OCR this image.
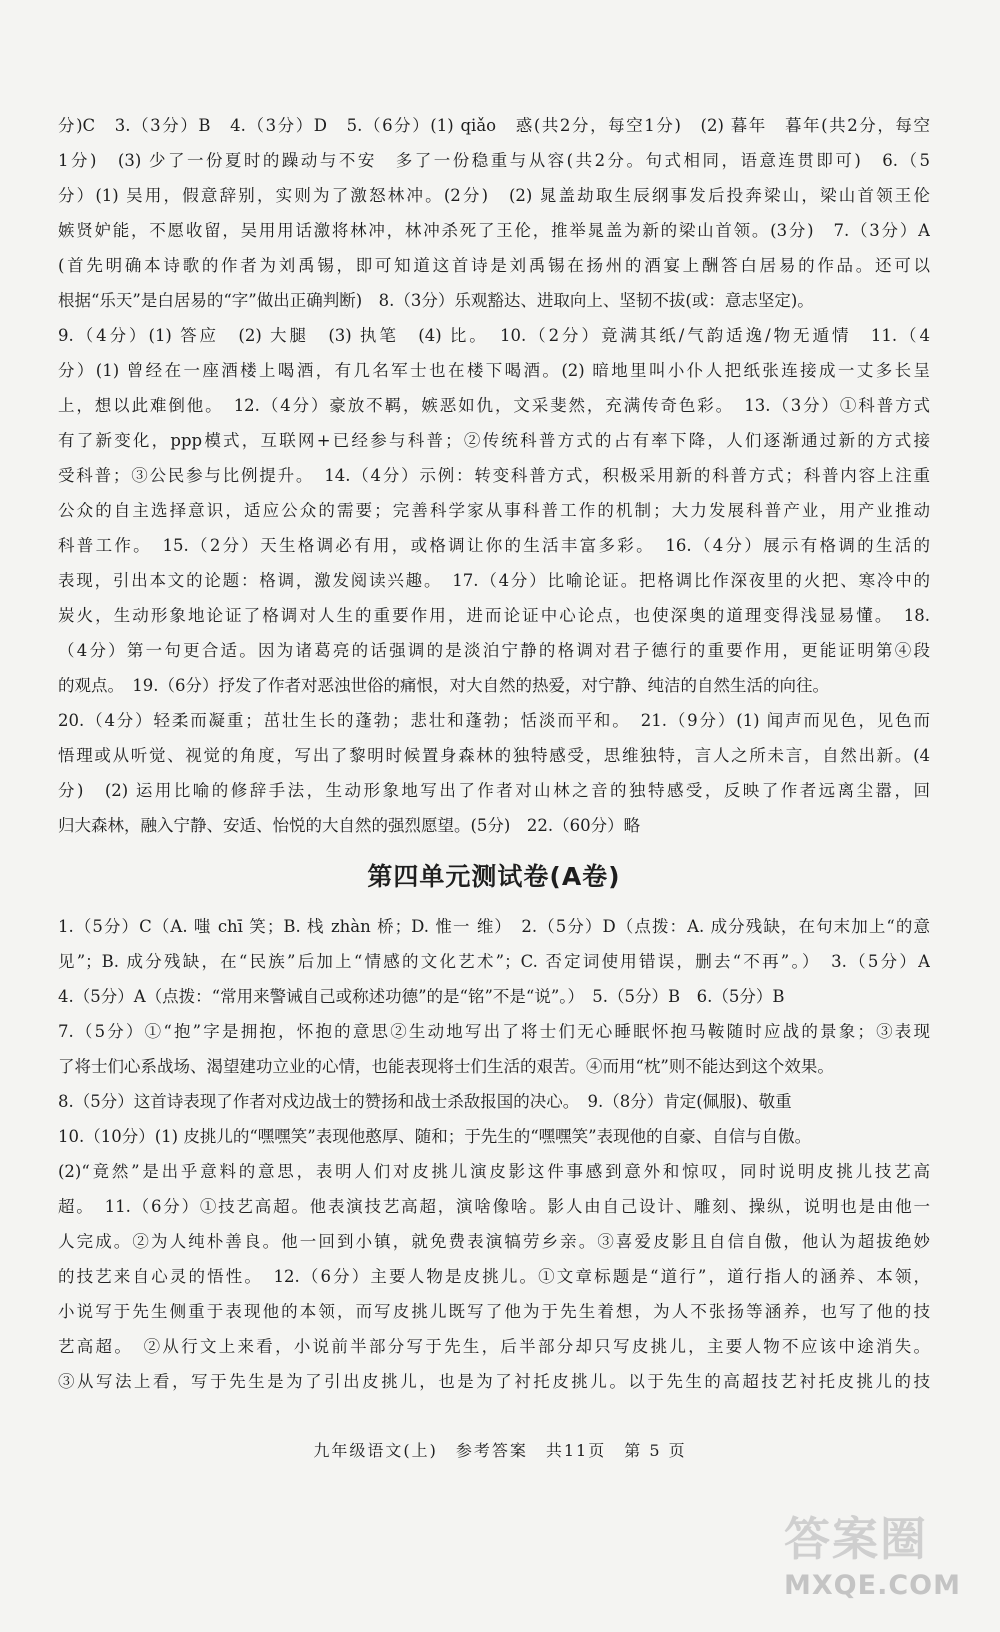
分)C　3.（3分）B　4.（3分）D　5.（6分）(1) qiǎo　惑(共2分，每空1分)　(2) 暮年　暮年(共2分，每空
1分)　(3) 少了一份夏时的躁动与不安　多了一份稳重与从容(共2分。句式相同，语意连贯即可)　6.（5
分）(1) 吴用，假意辞别，实则为了激怒林冲。(2分)　(2) 晁盖劫取生辰纲事发后投奔梁山，梁山首领王伦
嫉贤妒能，不愿收留，吴用用话激将林冲，林冲杀死了王伦，推举晁盖为新的梁山首领。(3分)　7.（3分）A
(首先明确本诗歌的作者为刘禹锡，即可知道这首诗是刘禹锡在扬州的酒宴上酬答白居易的作品。还可以
根据“乐天”是白居易的“字”做出正确判断)　8.（3分）乐观豁达、进取向上、坚韧不拔(或：意志坚定)。
9.（4分）(1) 答应　(2) 大腿　(3) 执笔　(4) 比。　10.（2分）竟满其纸/气韵适逸/物无遁情　11.（4
分）(1) 曾经在一座酒楼上喝酒，有几名军士也在楼下喝酒。(2) 暗地里叫小仆人把纸张连接成一丈多长呈
上，想以此难倒他。　12.（4分）豪放不羁，嫉恶如仇，文采斐然，充满传奇色彩。　13.（3分）①科普方式
有了新变化，ppp模式，互联网+已经参与科普；②传统科普方式的占有率下降，人们逐渐通过新的方式接
受科普；③公民参与比例提升。　14.（4分）示例：转变科普方式，积极采用新的科普方式；科普内容上注重
公众的自主选择意识，适应公众的需要；完善科学家从事科普工作的机制；大力发展科普产业，用产业推动
科普工作。　15.（2分）天生格调必有用，或格调让你的生活丰富多彩。　16.（4分）展示有格调的生活的
表现，引出本文的论题：格调，激发阅读兴趣。　17.（4分）比喻论证。把格调比作深夜里的火把、寒冷中的
炭火，生动形象地论证了格调对人生的重要作用，进而论证中心论点，也使深奥的道理变得浅显易懂。　18.
（4分）第一句更合适。因为诸葛亮的话强调的是淡泊宁静的格调对君子德行的重要作用，更能证明第④段
的观点。　19.（6分）抒发了作者对恶浊世俗的痛恨，对大自然的热爱，对宁静、纯洁的自然生活的向往。
20.（4分）轻柔而凝重；茁壮生长的蓬勃；悲壮和蓬勃；恬淡而平和。　21.（9分）(1) 闻声而见色，见色而
悟理或从听觉、视觉的角度，写出了黎明时候置身森林的独特感受，思维独特，言人之所未言，自然出新。(4
分)　(2) 运用比喻的修辞手法，生动形象地写出了作者对山林之音的独特感受，反映了作者远离尘嚣，回
归大森林，融入宁静、安适、怡悦的大自然的强烈愿望。(5分)　22.（60分）略
第四单元测试卷(A卷)
1.（5分）C（A. 嗤 chī 笑；B. 栈 zhàn 桥；D. 惟一 维）　2.（5分）D（点拨：A. 成分残缺，在句末加上“的意
见”；B. 成分残缺，在“民族”后加上“情感的文化艺术”；C. 否定词使用错误，删去“不再”。）　3.（5分）A
4.（5分）A（点拨：“常用来警诫自己或称述功德”的是“铭”不是“说”。）　5.（5分）B　6.（5分）B
7.（5分）①“抱”字是拥抱，怀抱的意思②生动地写出了将士们无心睡眠怀抱马鞍随时应战的景象；③表现
了将士们心系战场、渴望建功立业的心情，也能表现将士们生活的艰苦。④而用“枕”则不能达到这个效果。
8.（5分）这首诗表现了作者对戍边战士的赞扬和战士杀敌报国的决心。　9.（8分）肯定(佩服)、敬重
10.（10分）(1) 皮挑儿的“嘿嘿笑”表现他憨厚、随和；于先生的“嘿嘿笑”表现他的自豪、自信与自傲。
(2)“竟然”是出乎意料的意思，表明人们对皮挑儿演皮影这件事感到意外和惊叹，同时说明皮挑儿技艺高
超。　11.（6分）①技艺高超。他表演技艺高超，演啥像啥。影人由自己设计、雕刻、操纵，说明也是由他一
人完成。②为人纯朴善良。他一回到小镇，就免费表演犒劳乡亲。③喜爱皮影且自信自傲，他认为超拔绝妙
的技艺来自心灵的悟性。　12.（6分）主要人物是皮挑儿。①文章标题是“道行”，道行指人的涵养、本领，
小说写于先生侧重于表现他的本领，而写皮挑儿既写了他为于先生着想，为人不张扬等涵养，也写了他的技
艺高超。　②从行文上来看，小说前半部分写于先生，后半部分却只写皮挑儿，主要人物不应该中途消失。
③从写法上看，写于先生是为了引出皮挑儿，也是为了衬托皮挑儿。以于先生的高超技艺衬托皮挑儿的技
九年级语文(上)　参考答案　共11页　第 5 页
答案圈
MXQE.COM
